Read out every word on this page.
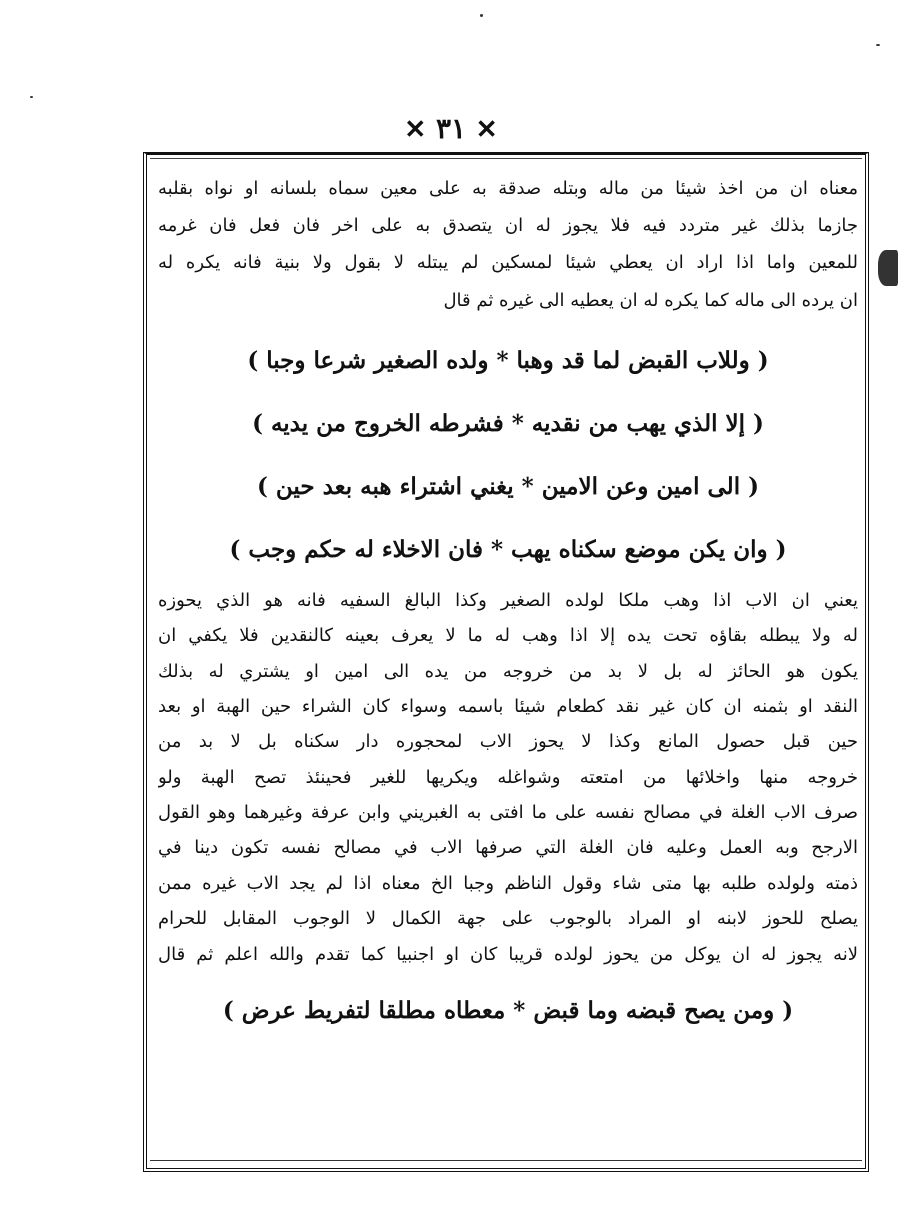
✕ ٣١ ✕
معناه ان من اخذ شيئا من ماله وبتله صدقة به على معين سماه بلسانه او نواه بقلبه
جازما بذلك غير متردد فيه فلا يجوز له ان يتصدق به على اخر فان فعل فان غرمه
للمعين واما اذا اراد ان يعطي شيئا لمسكين لم يبتله لا بقول ولا بنية فانه يكره له
ان يرده الى ماله كما يكره له ان يعطيه الى غيره ثم قال
( وللاب القبض لما قد وهبا * ولده الصغير شرعا وجبا )
( إلا الذي يهب من نقديه * فشرطه الخروج من يديه )
( الى امين وعن الامين * يغني اشتراء هبه بعد حين )
( وان يكن موضع سكناه يهب * فان الاخلاء له حكم وجب )
يعني ان الاب اذا وهب ملكا لولده الصغير وكذا البالغ السفيه فانه هو الذي يحوزه
له ولا يبطله بقاؤه تحت يده إلا اذا وهب له ما لا يعرف بعينه كالنقدين فلا يكفي ان
يكون هو الحائز له بل لا بد من خروجه من يده الى امين او يشتري له بذلك
النقد او بثمنه ان كان غير نقد كطعام شيئا باسمه وسواء كان الشراء حين الهبة او بعد
حين قبل حصول المانع وكذا لا يحوز الاب لمحجوره دار سكناه بل لا بد من
خروجه منها واخلائها من امتعته وشواغله ويكريها للغير فحينئذ تصح الهبة ولو
صرف الاب الغلة في مصالح نفسه على ما افتى به الغبريني وابن عرفة وغيرهما وهو القول
الارجح وبه العمل وعليه فان الغلة التي صرفها الاب في مصالح نفسه تكون دينا في
ذمته ولولده طلبه بها متى شاء وقول الناظم وجبا الخ معناه اذا لم يجد الاب غيره ممن
يصلح للحوز لابنه او المراد بالوجوب على جهة الكمال لا الوجوب المقابل للحرام
لانه يجوز له ان يوكل من يحوز لولده قريبا كان او اجنبيا كما تقدم والله اعلم ثم قال
( ومن يصح قبضه وما قبض * معطاه مطلقا لتفريط عرض )
